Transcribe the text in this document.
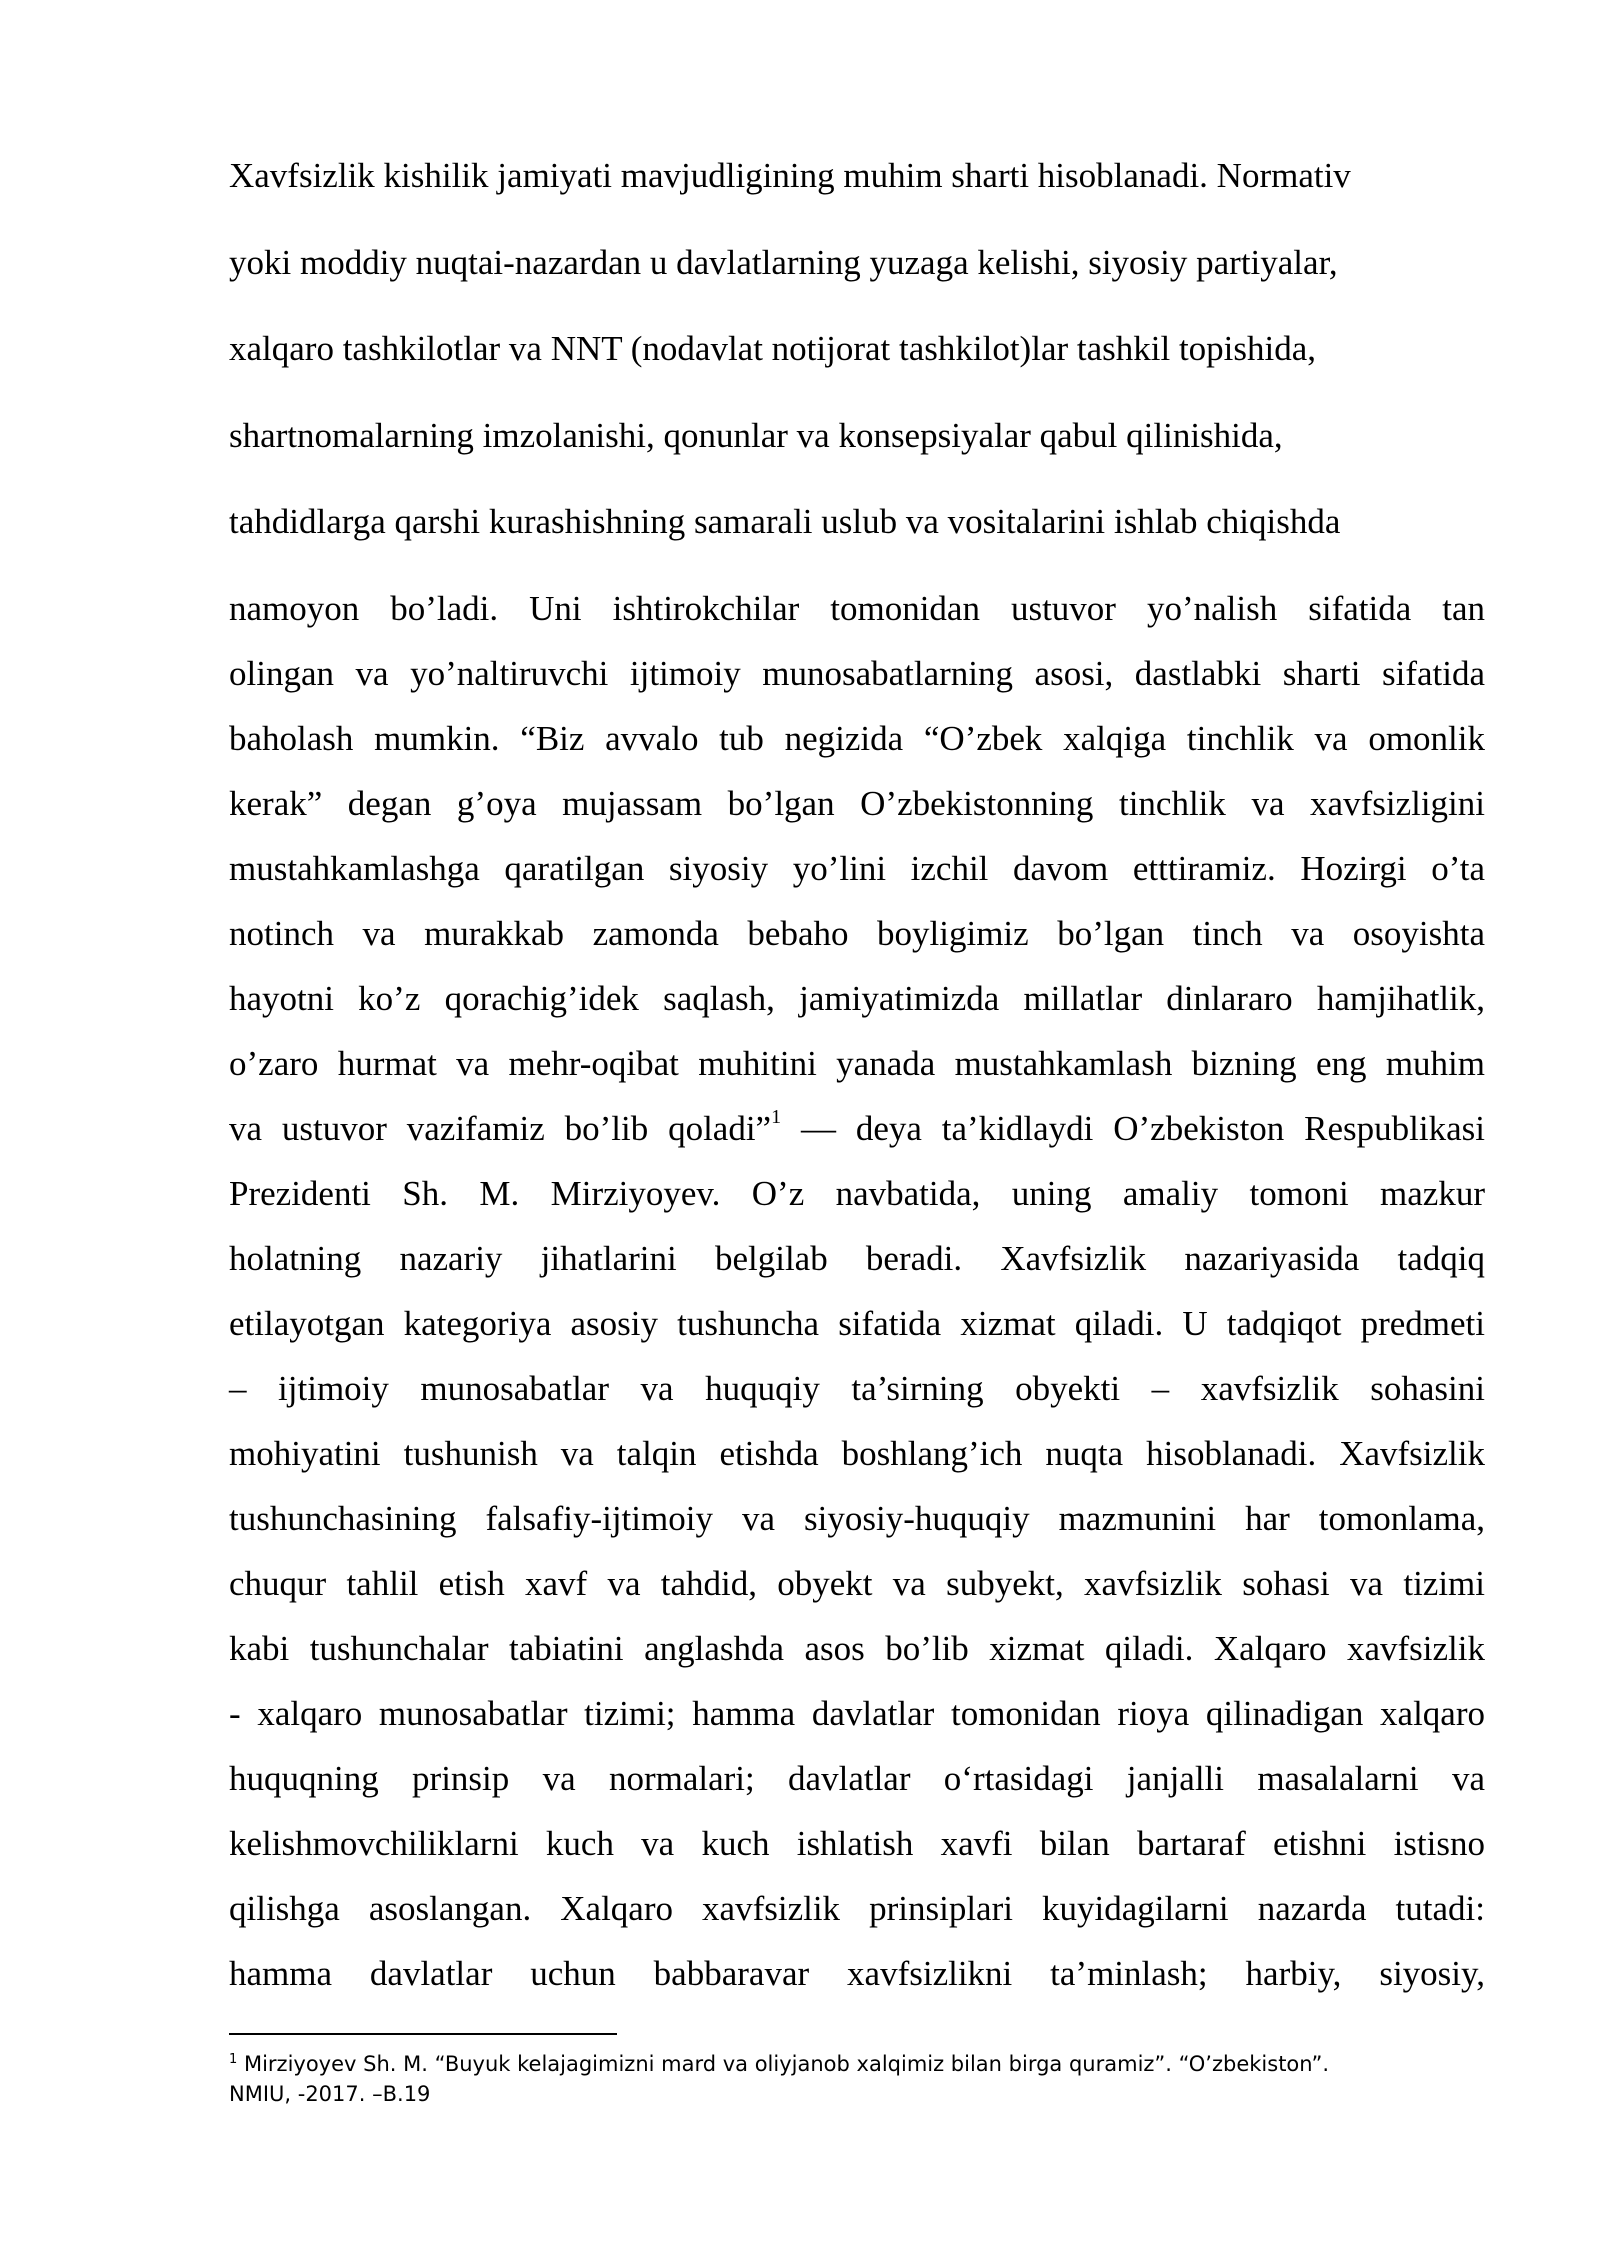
Xavfsizlik kishilik jamiyati mavjudligining muhim sharti hisoblanadi. Normativ
yoki moddiy nuqtai-nazardan u davlatlarning yuzaga kelishi, siyosiy partiyalar,
xalqaro tashkilotlar va NNT (nodavlat notijorat tashkilot)lar tashkil topishida,
shartnomalarning imzolanishi, qonunlar va konsepsiyalar qabul qilinishida,
tahdidlarga qarshi kurashishning samarali uslub va vositalarini ishlab chiqishda
namoyon bo’ladi. Uni ishtirokchilar tomonidan ustuvor yo’nalish sifatida tan
olingan va yo’naltiruvchi ijtimoiy munosabatlarning asosi, dastlabki sharti sifatida
baholash mumkin. “Biz avvalo tub negizida “O’zbek xalqiga tinchlik va omonlik
kerak” degan g’oya mujassam bo’lgan O’zbekistonning tinchlik va xavfsizligini
mustahkamlashga qaratilgan siyosiy yo’lini izchil davom etttiramiz. Hozirgi o’ta
notinch va murakkab zamonda bebaho boyligimiz bo’lgan tinch va osoyishta
hayotni ko’z qorachig’idek saqlash, jamiyatimizda millatlar dinlararo hamjihatlik,
o’zaro hurmat va mehr-oqibat muhitini yanada mustahkamlash bizning eng muhim
va ustuvor vazifamiz bo’lib qoladi”$^1$ — deya ta’kidlaydi O’zbekiston Respublikasi
Prezidenti Sh. M. Mirziyoyev. O’z navbatida, uning amaliy tomoni mazkur
holatning nazariy jihatlarini belgilab beradi. Xavfsizlik nazariyasida tadqiq
etilayotgan kategoriya asosiy tushuncha sifatida xizmat qiladi. U tadqiqot predmeti
– ijtimoiy munosabatlar va huquqiy ta’sirning obyekti – xavfsizlik sohasini
mohiyatini tushunish va talqin etishda boshlang’ich nuqta hisoblanadi. Xavfsizlik
tushunchasining falsafiy-ijtimoiy va siyosiy-huquqiy mazmunini har tomonlama,
chuqur tahlil etish xavf va tahdid, obyekt va subyekt, xavfsizlik sohasi va tizimi
kabi tushunchalar tabiatini anglashda asos bo’lib xizmat qiladi. Xalqaro xavfsizlik
- xalqaro munosabatlar tizimi; hamma davlatlar tomonidan rioya qilinadigan xalqaro
huquqning prinsip va normalari; davlatlar oʻrtasidagi janjalli masalalarni va
kelishmovchiliklarni kuch va kuch ishlatish xavfi bilan bartaraf etishni istisno
qilishga asoslangan. Xalqaro xavfsizlik prinsiplari kuyidagilarni nazarda tutadi:
hamma davlatlar uchun babbaravar xavfsizlikni ta’minlash; harbiy, siyosiy,
$^1$ Mirziyoyev Sh. M. “Buyuk kelajagimizni mard va oliyjanob xalqimiz bilan birga quramiz”. “O’zbekiston”.
NMIU, -2017. –B.19
